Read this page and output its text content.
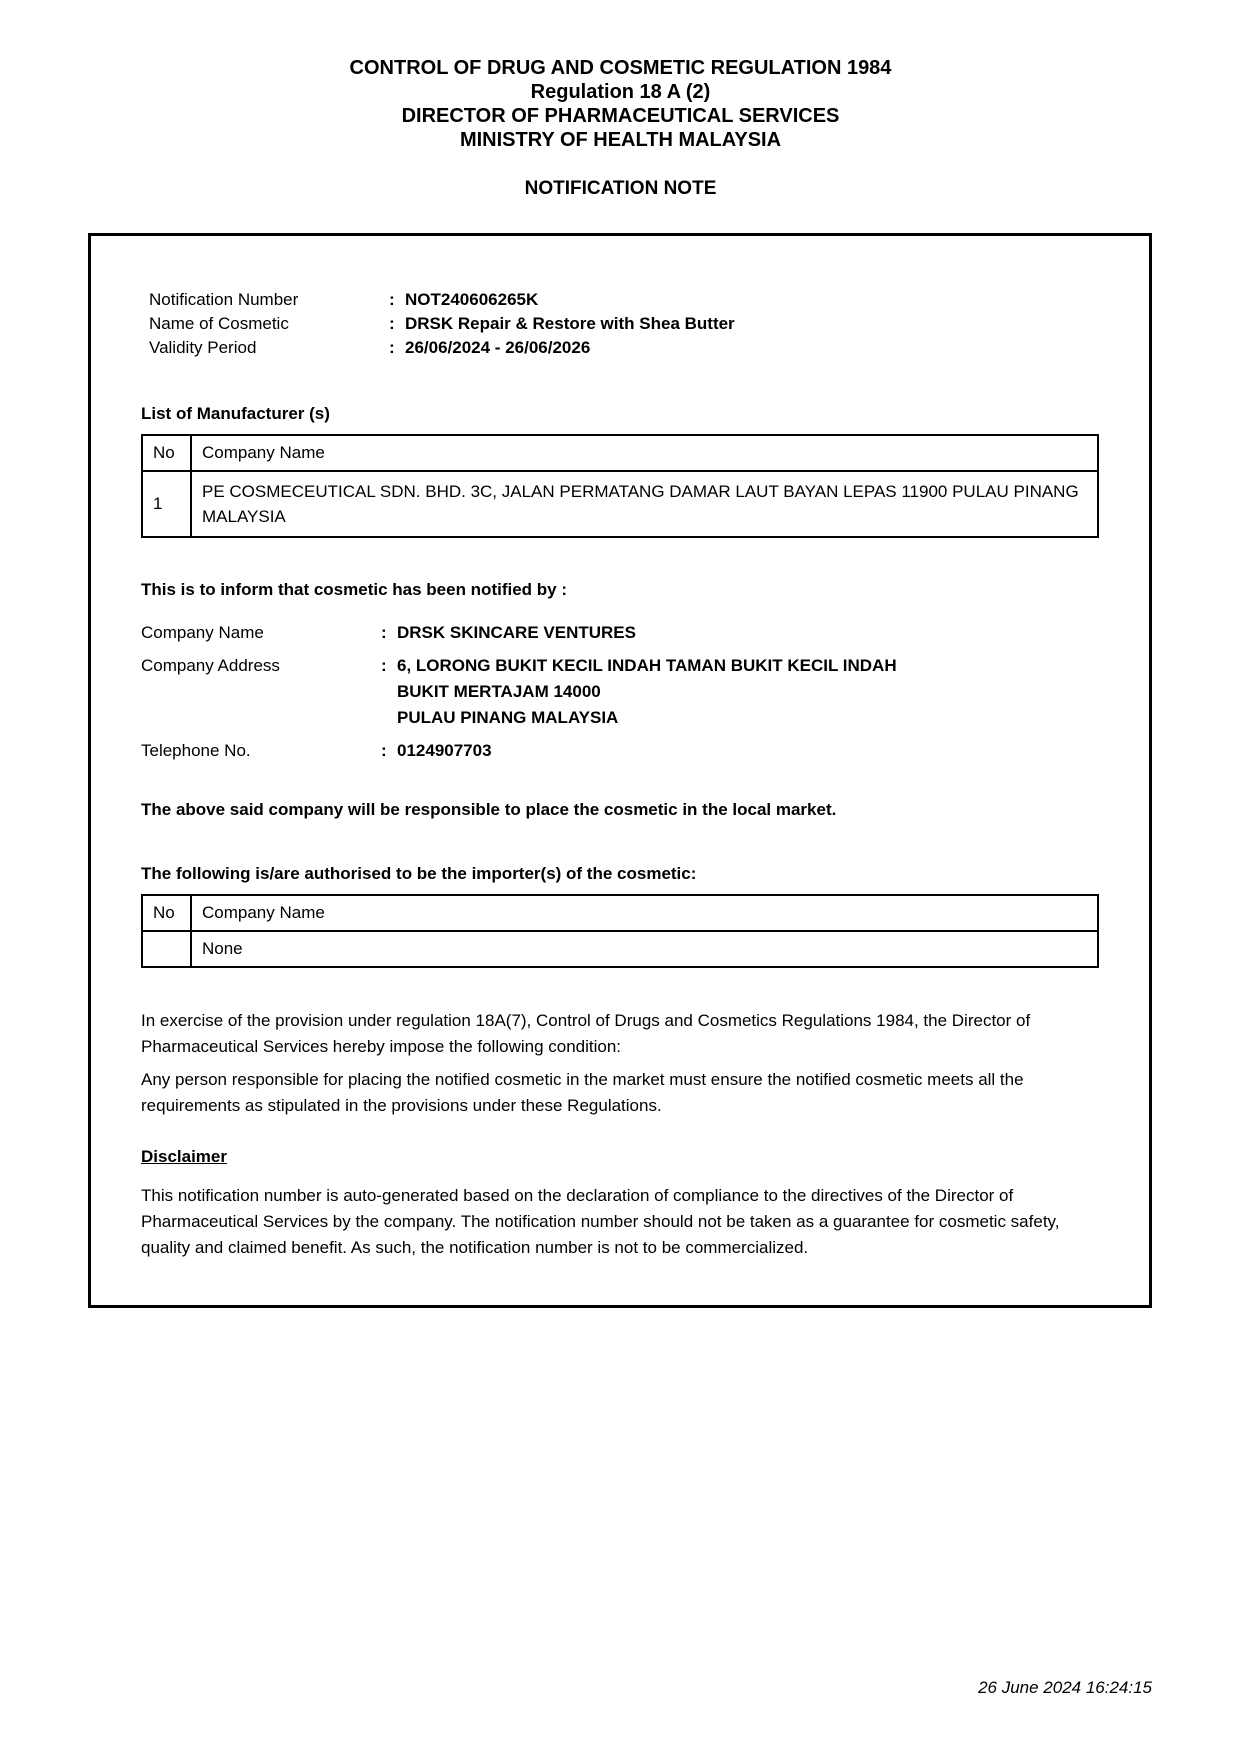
CONTROL OF DRUG AND COSMETIC REGULATION 1984
Regulation 18 A (2)
DIRECTOR OF PHARMACEUTICAL SERVICES
MINISTRY OF HEALTH MALAYSIA
NOTIFICATION NOTE
Notification Number	: NOT240606265K
Name of Cosmetic	: DRSK Repair & Restore with Shea Butter
Validity Period	: 26/06/2024 - 26/06/2026
List of Manufacturer (s)
No	Company Name
1	PE COSMECEUTICAL SDN. BHD. 3C, JALAN PERMATANG DAMAR LAUT BAYAN LEPAS 11900 PULAU PINANG MALAYSIA
This is to inform that cosmetic has been notified by :
Company Name	: DRSK SKINCARE VENTURES
Company Address	: 6, LORONG BUKIT KECIL INDAH TAMAN BUKIT KECIL INDAH
BUKIT MERTAJAM 14000
PULAU PINANG MALAYSIA
Telephone No.	: 0124907703
The above said company will be responsible to place the cosmetic in the local market.
The following is/are authorised to be the importer(s) of the cosmetic:
No	Company Name
	None
In exercise of the provision under regulation 18A(7), Control of Drugs and Cosmetics Regulations 1984, the Director of Pharmaceutical Services hereby impose the following condition:
Any person responsible for placing the notified cosmetic in the market must ensure the notified cosmetic meets all the requirements as stipulated in the provisions under these Regulations.
Disclaimer
This notification number is auto-generated based on the declaration of compliance to the directives of the Director of Pharmaceutical Services by the company. The notification number should not be taken as a guarantee for cosmetic safety, quality and claimed benefit. As such, the notification number is not to be commercialized.
26 June 2024 16:24:15
